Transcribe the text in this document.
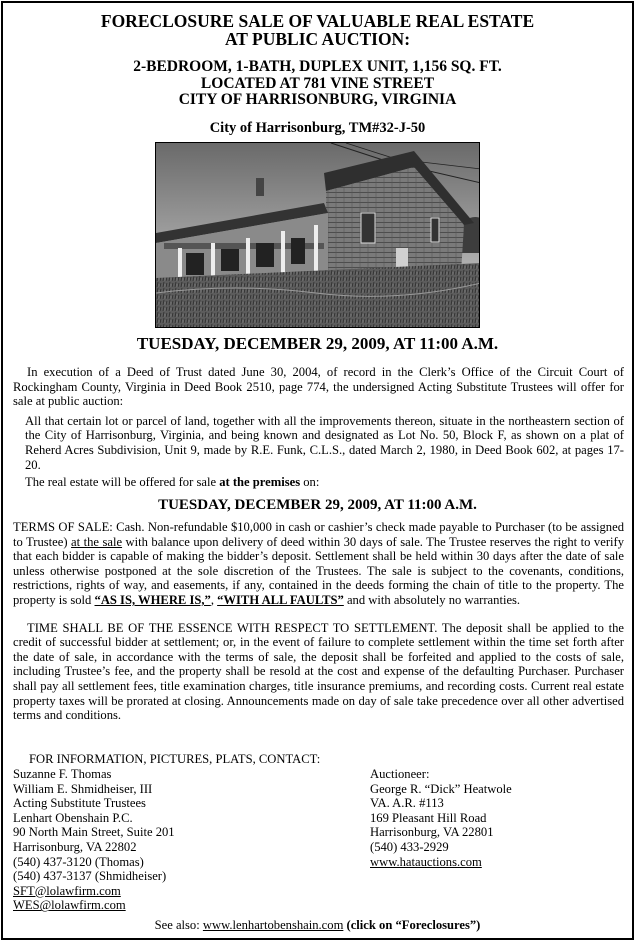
FORECLOSURE SALE OF VALUABLE REAL ESTATE
AT PUBLIC AUCTION:
2-BEDROOM, 1-BATH, DUPLEX UNIT, 1,156 SQ. FT.
LOCATED AT 781 VINE STREET
CITY OF HARRISONBURG, VIRGINIA
City of Harrisonburg, TM#32-J-50
TUESDAY, DECEMBER 29, 2009, AT 11:00 A.M.

In execution of a Deed of Trust dated June 30, 2004, of record in the Clerk’s Office of the Circuit Court of Rockingham County, Virginia in Deed Book 2510, page 774, the undersigned Acting Substitute Trustees will offer for sale at public auction:

All that certain lot or parcel of land, together with all the improvements thereon, situate in the northeastern section of the City of Harrisonburg, Virginia, and being known and designated as Lot No. 50, Block F, as shown on a plat of Reherd Acres Subdivision, Unit 9, made by R.E. Funk, C.L.S., dated March 2, 1980, in Deed Book 602, at pages 17-20.

The real estate will be offered for sale at the premises on:

TUESDAY, DECEMBER 29, 2009, AT 11:00 A.M.

TERMS OF SALE: Cash. Non-refundable $10,000 in cash or cashier’s check made payable to Purchaser (to be assigned to Trustee) at the sale with balance upon delivery of deed within 30 days of sale. The Trustee reserves the right to verify that each bidder is capable of making the bidder’s deposit. Settlement shall be held within 30 days after the date of sale unless otherwise postponed at the sole discretion of the Trustees. The sale is subject to the covenants, conditions, restrictions, rights of way, and easements, if any, contained in the deeds forming the chain of title to the property. The property is sold “AS IS, WHERE IS,”, “WITH ALL FAULTS” and with absolutely no warranties.

TIME SHALL BE OF THE ESSENCE WITH RESPECT TO SETTLEMENT. The deposit shall be applied to the credit of successful bidder at settlement; or, in the event of failure to complete settlement within the time set forth after the date of sale, in accordance with the terms of sale, the deposit shall be forfeited and applied to the costs of sale, including Trustee’s fee, and the property shall be resold at the cost and expense of the defaulting Purchaser. Purchaser shall pay all settlement fees, title examination charges, title insurance premiums, and recording costs. Current real estate property taxes will be prorated at closing. Announcements made on day of sale take precedence over all other advertised terms and conditions.

FOR INFORMATION, PICTURES, PLATS, CONTACT:
Suzanne F. Thomas
William E. Shmidheiser, III
Acting Substitute Trustees
Lenhart Obenshain P.C.
90 North Main Street, Suite 201
Harrisonburg, VA 22802
(540) 437-3120 (Thomas)
(540) 437-3137 (Shmidheiser)
SFT@lolawfirm.com
WES@lolawfirm.com
Auctioneer:
George R. “Dick” Heatwole
VA. A.R. #113
169 Pleasant Hill Road
Harrisonburg, VA 22801
(540) 433-2929
www.hatauctions.com
See also: www.lenhartobenshain.com (click on “Foreclosures”)
